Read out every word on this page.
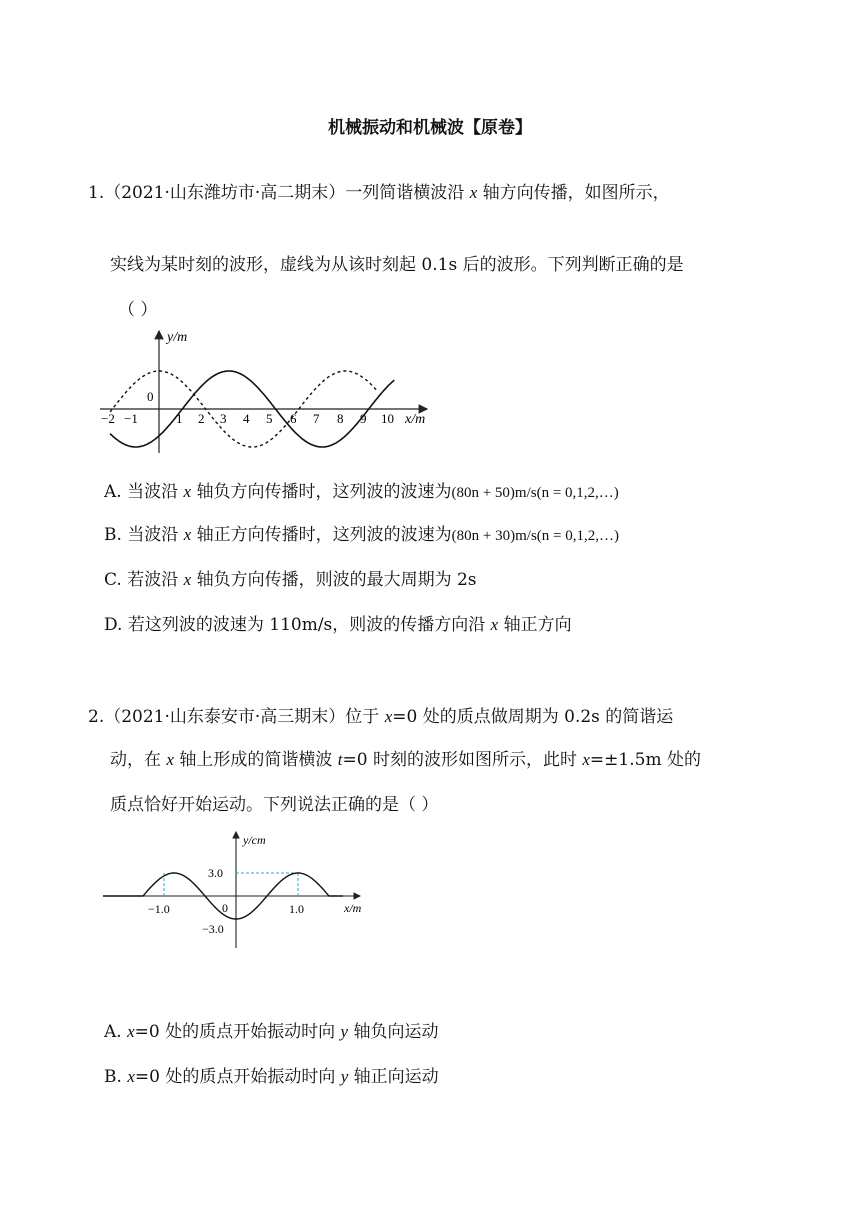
机械振动和机械波【原卷】
1.（2021·山东潍坊市·高二期末）一列简谐横波沿 x 轴方向传播，如图所示，
实线为某时刻的波形，虚线为从该时刻起 0.1s 后的波形。下列判断正确的是
（ ）
y/m
x/m
0
−2 −1	1 2 3 4 5 6 7 8 9 10
A. 当波沿 x 轴负方向传播时，这列波的波速为(80n + 50)m/s(n = 0,1,2,…)
B. 当波沿 x 轴正方向传播时，这列波的波速为(80n + 30)m/s(n = 0,1,2,…)
C. 若波沿 x 轴负方向传播，则波的最大周期为 2s
D. 若这列波的波速为 110m/s，则波的传播方向沿 x 轴正方向
2.（2021·山东泰安市·高三期末）位于 x=0 处的质点做周期为 0.2s 的简谐运
动，在 x 轴上形成的简谐横波 t=0 时刻的波形如图所示，此时 x=±1.5m 处的
质点恰好开始运动。下列说法正确的是（ ）
y/cm
x/m
0
3.0
−3.0
−1.0	1.0
A. x=0 处的质点开始振动时向 y 轴负向运动
B. x=0 处的质点开始振动时向 y 轴正向运动
